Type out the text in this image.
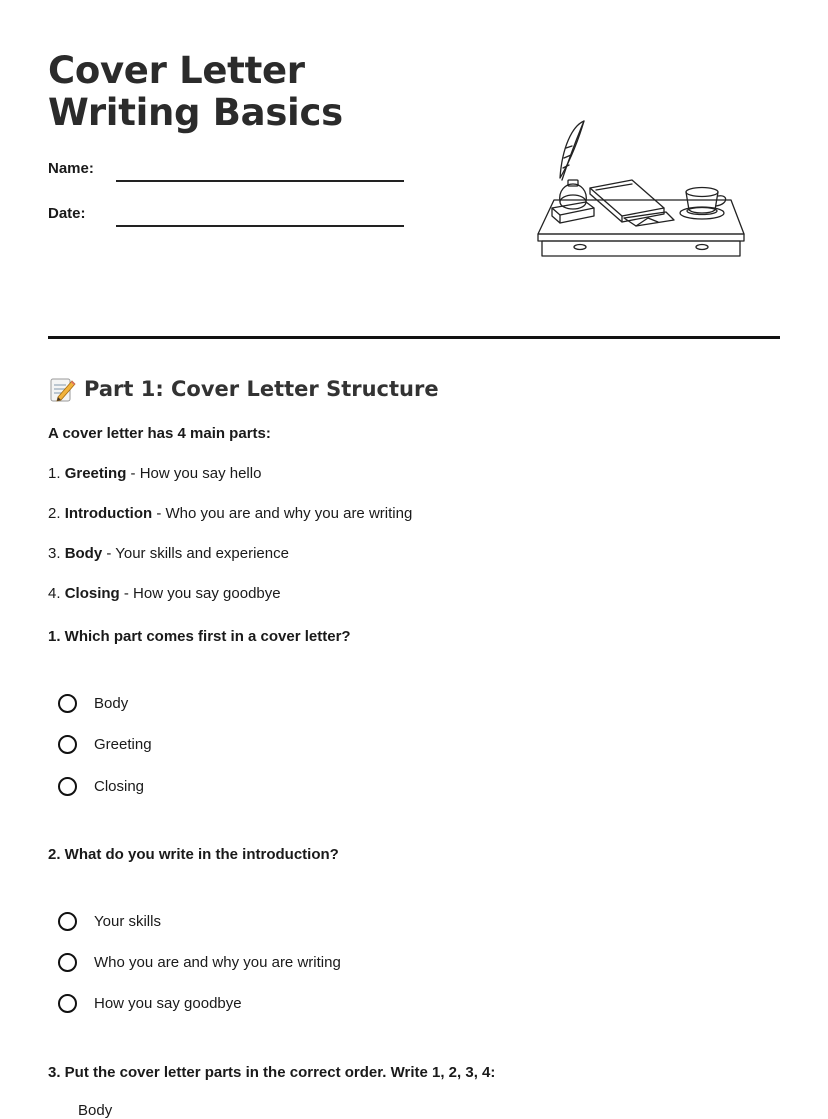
Cover Letter Writing Basics
Name:
Date:
Part 1: Cover Letter Structure
A cover letter has 4 main parts:
1. Greeting - How you say hello
2. Introduction - Who you are and why you are writing
3. Body - Your skills and experience
4. Closing - How you say goodbye
1. Which part comes first in a cover letter?
Body
Greeting
Closing
2. What do you write in the introduction?
Your skills
Who you are and why you are writing
How you say goodbye
3. Put the cover letter parts in the correct order. Write 1, 2, 3, 4:
Body
